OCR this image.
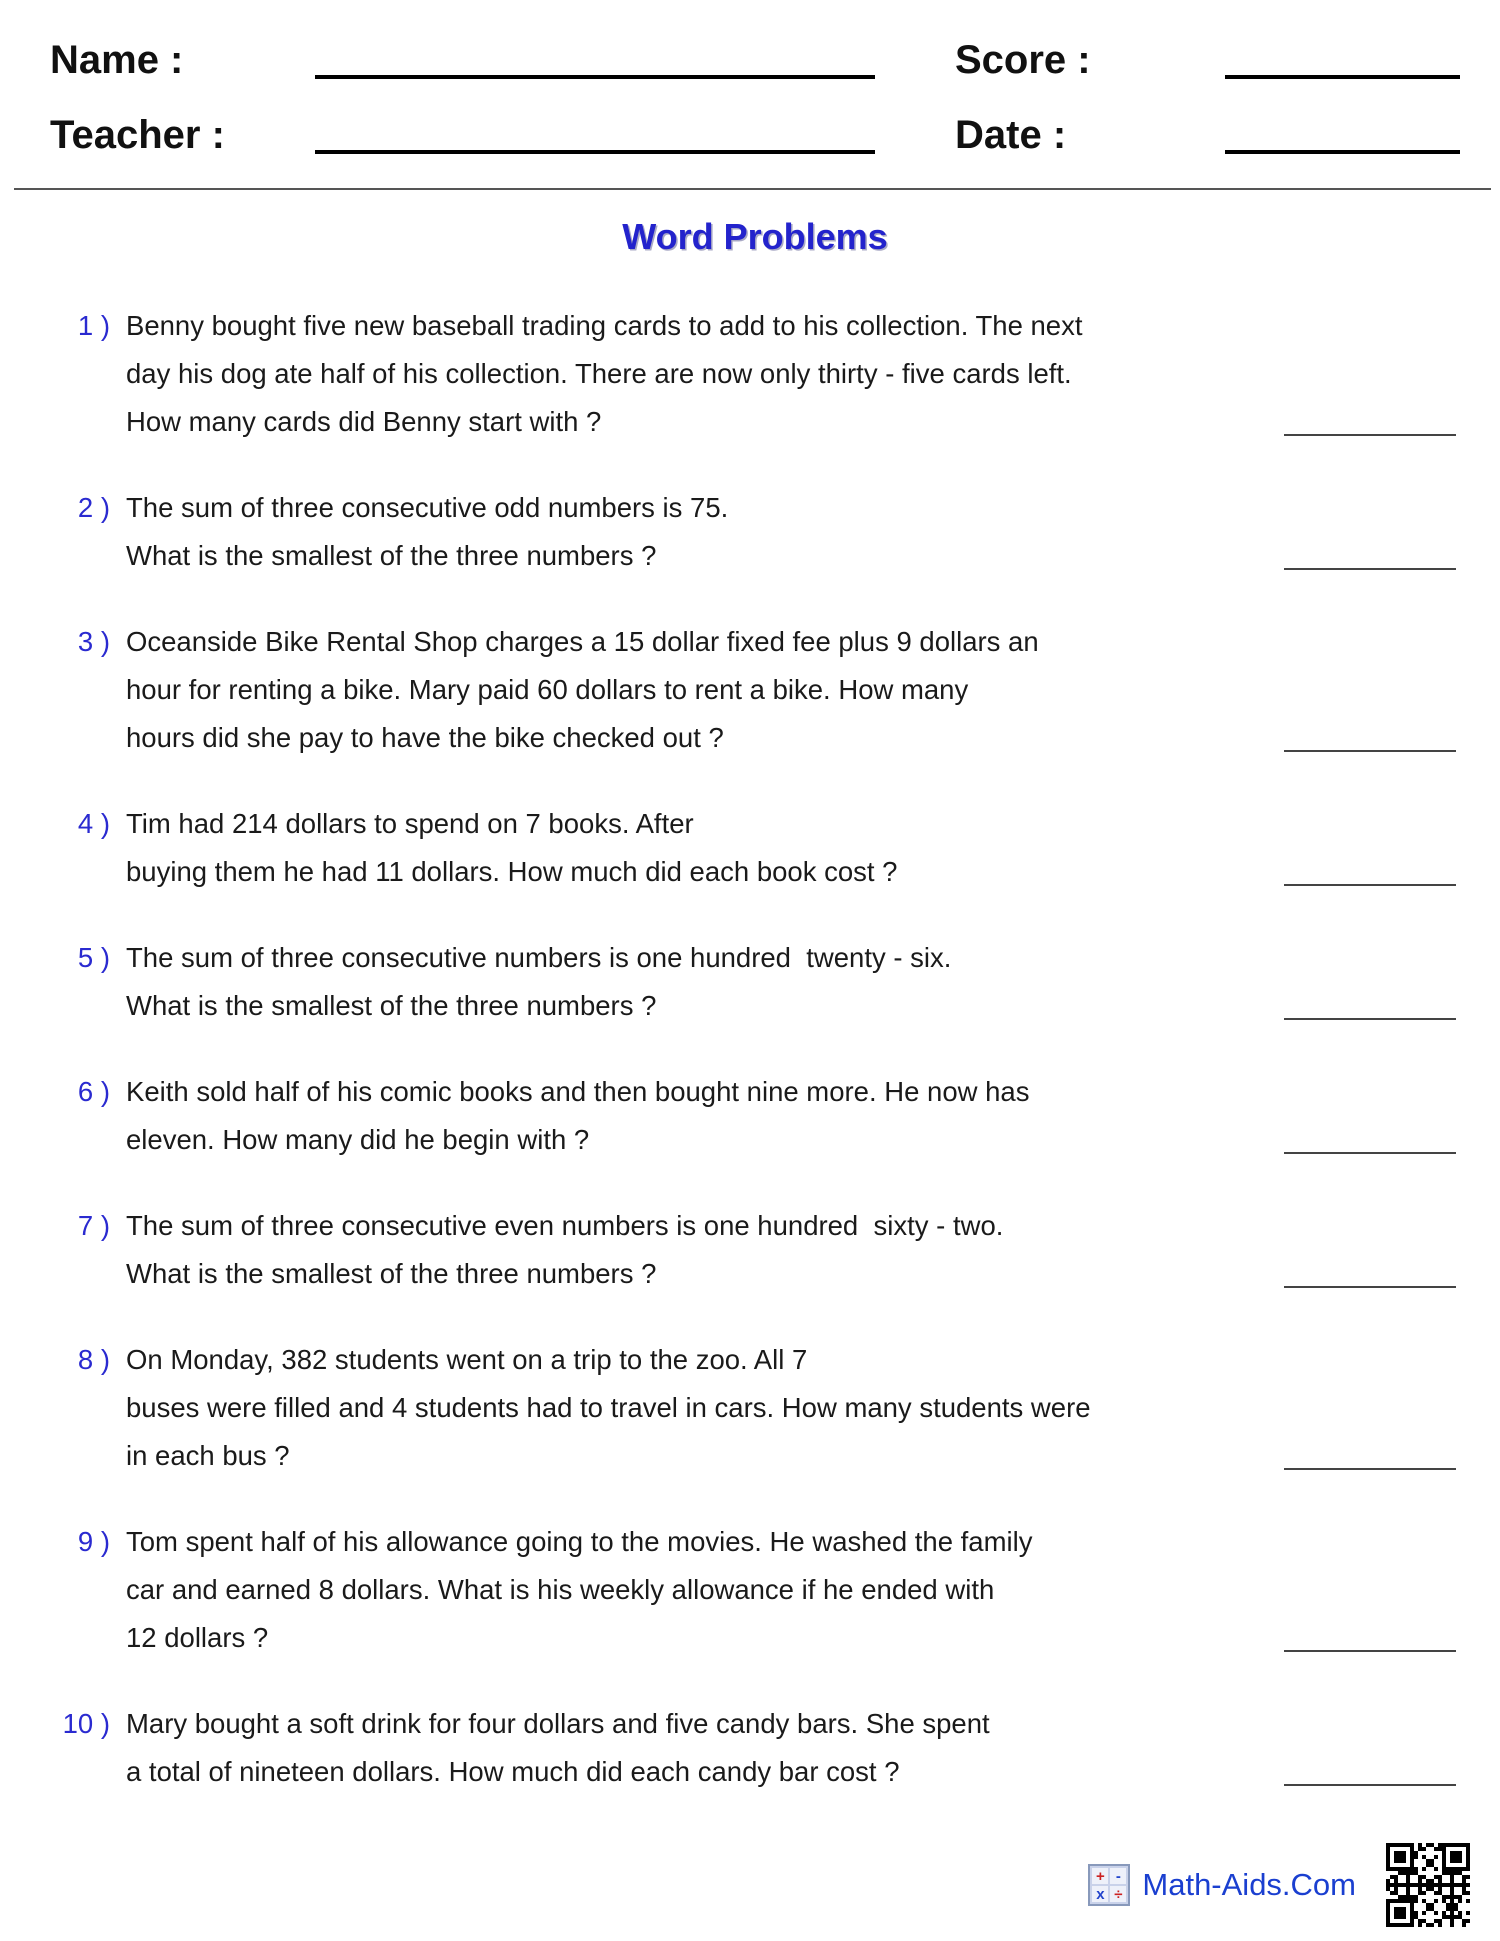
Name :	Score :
Teacher :	Date :
Word Problems
1 ) Benny bought five new baseball trading cards to add to his collection. The next
day his dog ate half of his collection. There are now only thirty - five cards left.
How many cards did Benny start with ?
2 ) The sum of three consecutive odd numbers is 75.
What is the smallest of the three numbers ?
3 ) Oceanside Bike Rental Shop charges a 15 dollar fixed fee plus 9 dollars an
hour for renting a bike. Mary paid 60 dollars to rent a bike. How many
hours did she pay to have the bike checked out ?
4 ) Tim had 214 dollars to spend on 7 books. After
buying them he had 11 dollars. How much did each book cost ?
5 ) The sum of three consecutive numbers is one hundred  twenty - six.
What is the smallest of the three numbers ?
6 ) Keith sold half of his comic books and then bought nine more. He now has
eleven. How many did he begin with ?
7 ) The sum of three consecutive even numbers is one hundred  sixty - two.
What is the smallest of the three numbers ?
8 ) On Monday, 382 students went on a trip to the zoo. All 7
buses were filled and 4 students had to travel in cars. How many students were
in each bus ?
9 ) Tom spent half of his allowance going to the movies. He washed the family
car and earned 8 dollars. What is his weekly allowance if he ended with
12 dollars ?
10 ) Mary bought a soft drink for four dollars and five candy bars. She spent
a total of nineteen dollars. How much did each candy bar cost ?
+ -
x ÷ Math-Aids.Com
